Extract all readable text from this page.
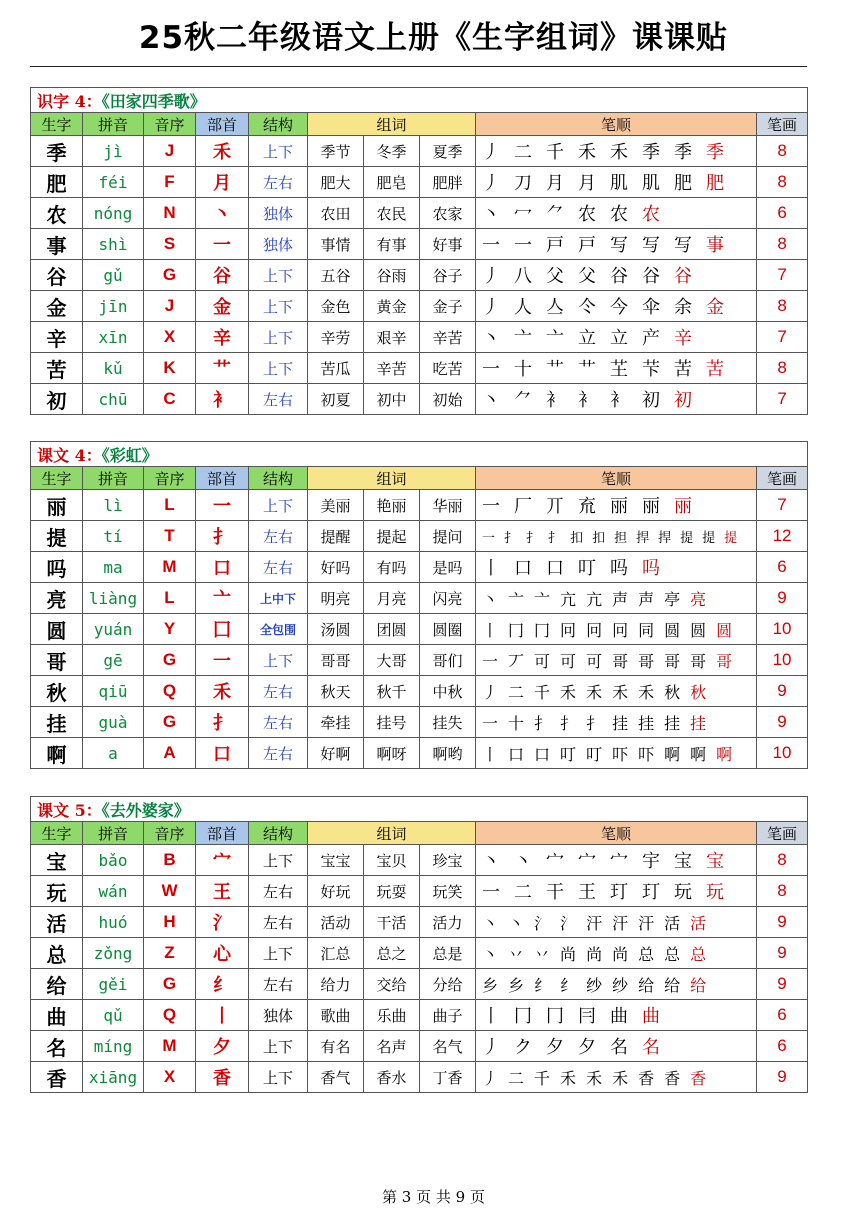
25秋二年级语文上册《生字组词》课课贴
识字 4：《田家四季歌》									
生字	拼音	音序	部首	结构	组词			笔顺	笔画
季	jì	J	禾	上下	季节	冬季	夏季	丿 ⼆ 千 禾 禾 季 季 季	8
肥	féi	F	月	左右	肥大	肥皂	肥胖	丿 刀 月 月 肌 肌 肥 肥	8
农	nóng	N	丶	独体	农田	农民	农家	丶 冖 ⺈ 农 农 农	6
事	shì	S	一	独体	事情	有事	好事	一 ⼀ 戸 戸 写 写 写 事	8
谷	gǔ	G	谷	上下	五谷	谷雨	谷子	丿 八 父 父 谷 谷 谷	7
金	jīn	J	金	上下	金色	黄金	金子	丿 人 亼 仒 今 伞 余 金	8
辛	xīn	X	辛	上下	辛劳	艰辛	辛苦	丶 亠 亠 立 立 产 辛	7
苦	kǔ	K	艹	上下	苦瓜	辛苦	吃苦	一 十 艹 艹 芏 芐 苦 苦	8
初	chū	C	衤	左右	初夏	初中	初始	丶 ⺈ 衤 衤 衤 初 初	7
课文 4：《彩虹》									
生字	拼音	音序	部首	结构	组词			笔顺	笔画
丽	lì	L	一	上下	美丽	艳丽	华丽	一 厂 丌 㐬 丽 丽 丽	7
提	tí	T	扌	左右	提醒	提起	提问	一 扌 扌 扌 扣 扣 担 捍 捍 提 提 提	12
吗	ma	M	口	左右	好吗	有吗	是吗	丨 口 口 叮 吗 吗	6
亮	liàng	L	亠	上中下	明亮	月亮	闪亮	丶 亠 亠 亢 亢 声 声 亭 亮	9
圆	yuán	Y	囗	全包围	汤圆	团圆	圆圈	丨 冂 冂 冋 冋 冋 同 圆 圆 圆	10
哥	gē	G	一	上下	哥哥	大哥	哥们	一 丆 可 可 可 哥 哥 哥 哥 哥	10
秋	qiū	Q	禾	左右	秋天	秋千	中秋	丿 二 千 禾 禾 禾 禾 秋 秋	9
挂	guà	G	扌	左右	牵挂	挂号	挂失	一 十 扌 扌 扌 挂 挂 挂 挂	9
啊	a	A	口	左右	好啊	啊呀	啊哟	丨 口 口 叮 叮 吓 吓 啊 啊 啊	10
课文 5：《去外婆家》									
生字	拼音	音序	部首	结构	组词			笔顺	笔画
宝	bǎo	B	宀	上下	宝宝	宝贝	珍宝	丶 丶 宀 宀 宀 宇 宝 宝	8
玩	wán	W	王	左右	好玩	玩耍	玩笑	一 二 干 王 玎 玎 玩 玩	8
活	huó	H	氵	左右	活动	干活	活力	丶 丶 氵 氵 汗 汗 汗 活 活	9
总	zǒng	Z	心	上下	汇总	总之	总是	丶 丷 丷 尚 尚 尚 总 总 总	9
给	gěi	G	纟	左右	给力	交给	分给	乡 乡 纟 纟 纱 纱 给 给 给	9
曲	qǔ	Q	丨	独体	歌曲	乐曲	曲子	丨 冂 冂 冃 曲 曲	6
名	míng	M	夕	上下	有名	名声	名气	丿 ク 夕 夕 名 名	6
香	xiāng	X	香	上下	香气	香水	丁香	丿 二 千 禾 禾 禾 香 香 香	9
第 3 页 共 9 页
